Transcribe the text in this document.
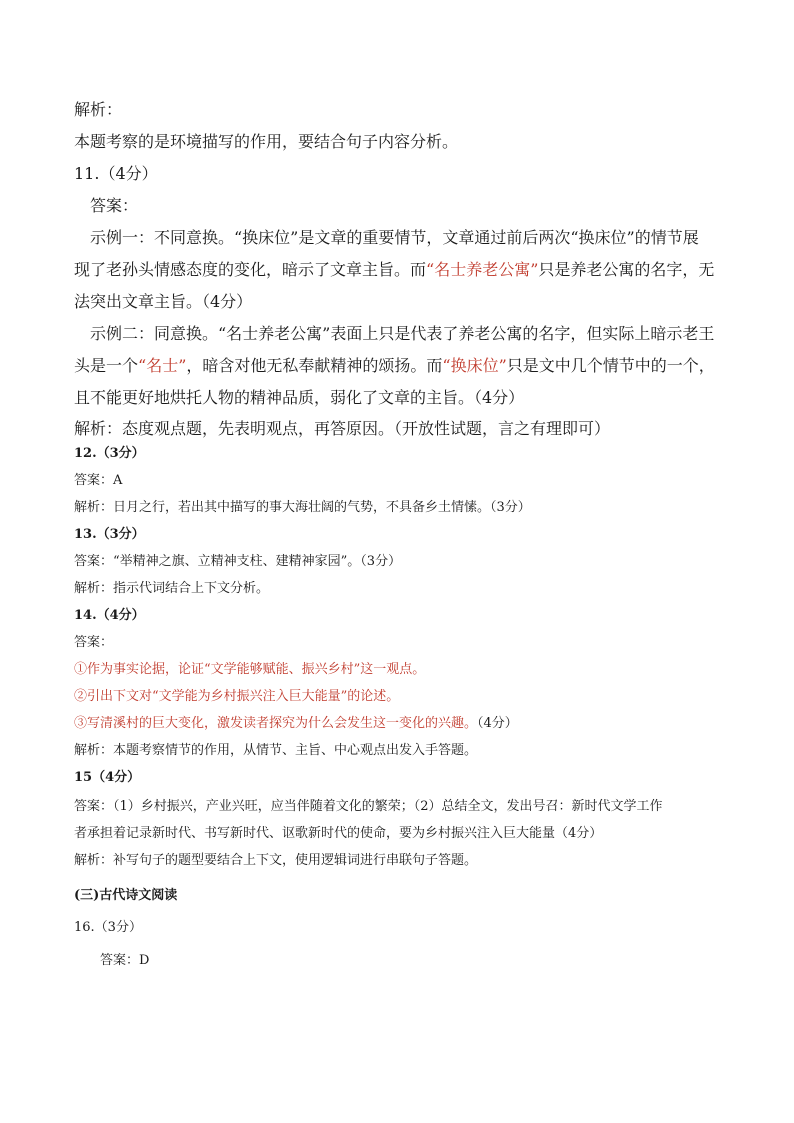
解析：
本题考察的是环境描写的作用，要结合句子内容分析。
11.（4分）
答案：
示例一：不同意换。“换床位”是文章的重要情节，文章通过前后两次“换床位”的情节展
现了老孙头情感态度的变化，暗示了文章主旨。而“名士养老公寓”只是养老公寓的名字，无
法突出文章主旨。（4分）
示例二：同意换。“名士养老公寓”表面上只是代表了养老公寓的名字，但实际上暗示老王
头是一个“名士”，暗含对他无私奉献精神的颂扬。而“换床位”只是文中几个情节中的一个，
且不能更好地烘托人物的精神品质，弱化了文章的主旨。（4分）
解析：态度观点题，先表明观点，再答原因。（开放性试题，言之有理即可）
12.（3分）
答案：A
解析：日月之行，若出其中描写的事大海壮阔的气势，不具备乡土情愫。（3分）
13.（3分）
答案：“举精神之旗、立精神支柱、建精神家园”。（3分）
解析：指示代词结合上下文分析。
14.（4分）
答案：
①作为事实论据，论证“文学能够赋能、振兴乡村”这一观点。
②引出下文对“文学能为乡村振兴注入巨大能量”的论述。
③写清溪村的巨大变化，激发读者探究为什么会发生这一变化的兴趣。（4分）
解析：本题考察情节的作用，从情节、主旨、中心观点出发入手答题。
15（4分）
答案：（1）乡村振兴，产业兴旺，应当伴随着文化的繁荣；（2）总结全文，发出号召：新时代文学工作
者承担着记录新时代、书写新时代、讴歌新时代的使命，要为乡村振兴注入巨大能量（4分）
解析：补写句子的题型要结合上下文，使用逻辑词进行串联句子答题。
(三)古代诗文阅读
16.（3分）
答案：D
